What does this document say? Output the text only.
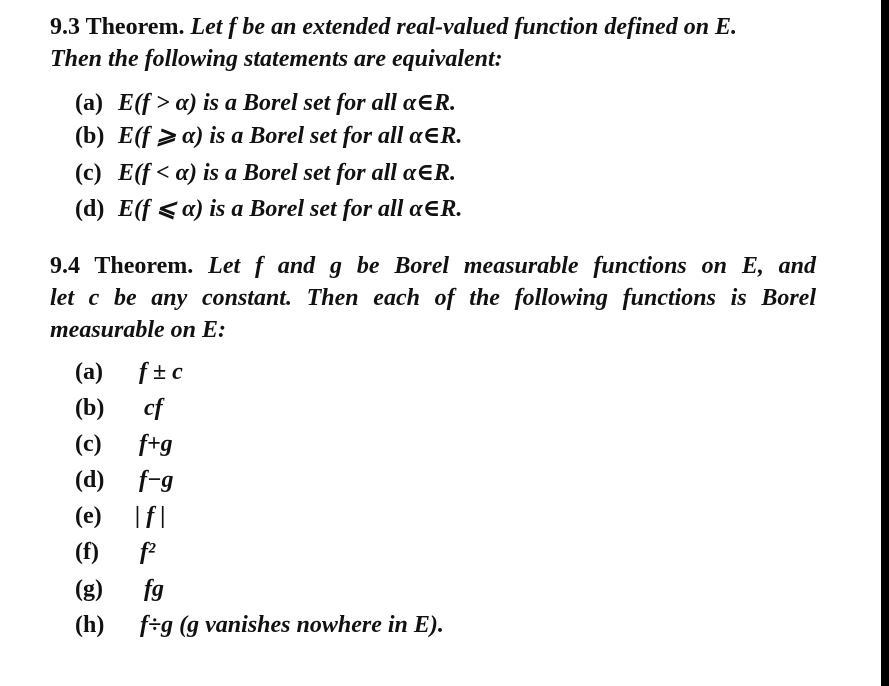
9.3 Theorem. Let f be an extended real-valued function defined on E.
Then the following statements are equivalent:
(a) E(f > α) is a Borel set for all α∈R.
(b) E(f ⩾ α) is a Borel set for all α∈R.
(c) E(f < α) is a Borel set for all α∈R.
(d) E(f ⩽ α) is a Borel set for all α∈R.
9.4 Theorem. Let f and g be Borel measurable functions on E, and
let c be any constant. Then each of the following functions is Borel
measurable on E:
(a) f ± c
(b) cf
(c) f+g
(d) f−g
(e) | f |
(f) f²
(g) fg
(h) f÷g (g vanishes nowhere in E).
